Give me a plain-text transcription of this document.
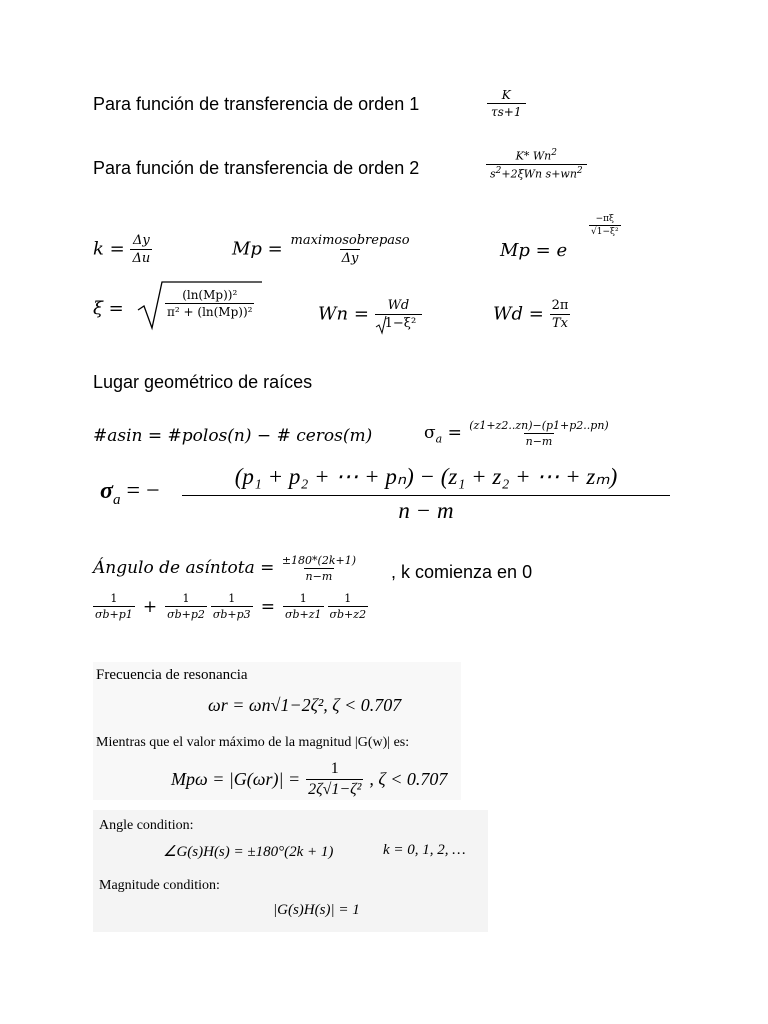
Para función de transferencia de orden 1	$\frac{K}{\tau s+1}$
Para función de transferencia de orden 2	$\frac{K* Wn^2}{s^2+2\xi Wn s+wn^2}$
$k = \frac{\Delta y}{\Delta u}$	$Mp = \frac{\text{maximosobrepaso}}{\Delta y}$	Mp = e
$\frac{-\pi\xi}{\text{√1−ξ²}}$
ξ =	$\frac{\text{(ln(Mp))²}}{\text{π² + (ln(Mp))²}}$	$Wn = \frac{Wd}{\text{1−ξ²}}$	$Wd = \frac{2\pi}{Tx}$
Lugar geométrico de raíces
#asin = #polos(n) − # ceros(m)	$\sigma_a = \frac{(z1+z2..zn)-(p1+p2..pn)}{n-m}$
$\sigma_a$ = −
(p₁ + p₂ + ⋯ + pₙ) − (z₁ + z₂ + ⋯ + zₘ)
n − m
Ángulo de asíntota = $\frac{\pm 180*(2k+1)}{n-m}$ , k comienza en 0
$\frac{1}{\sigma b+p1} + \frac{1}{\sigma b+p2} \frac{1}{\sigma b+p3} = \frac{1}{\sigma b+z1} \frac{1}{\sigma b+z2}$
Frecuencia de resonancia
ωr = ωn√1−2ζ², ζ < 0.707
Mientras que el valor máximo de la magnitud |G(w)| es:
$Mp\omega = |G(\omega r)| = \frac{1}{\text{2ζ√1−ζ²}}$ , ζ < 0.707
Angle condition:
∠G(s)H(s) = ±180°(2k + 1)	k = 0, 1, 2, …
Magnitude condition:
|G(s)H(s)| = 1
